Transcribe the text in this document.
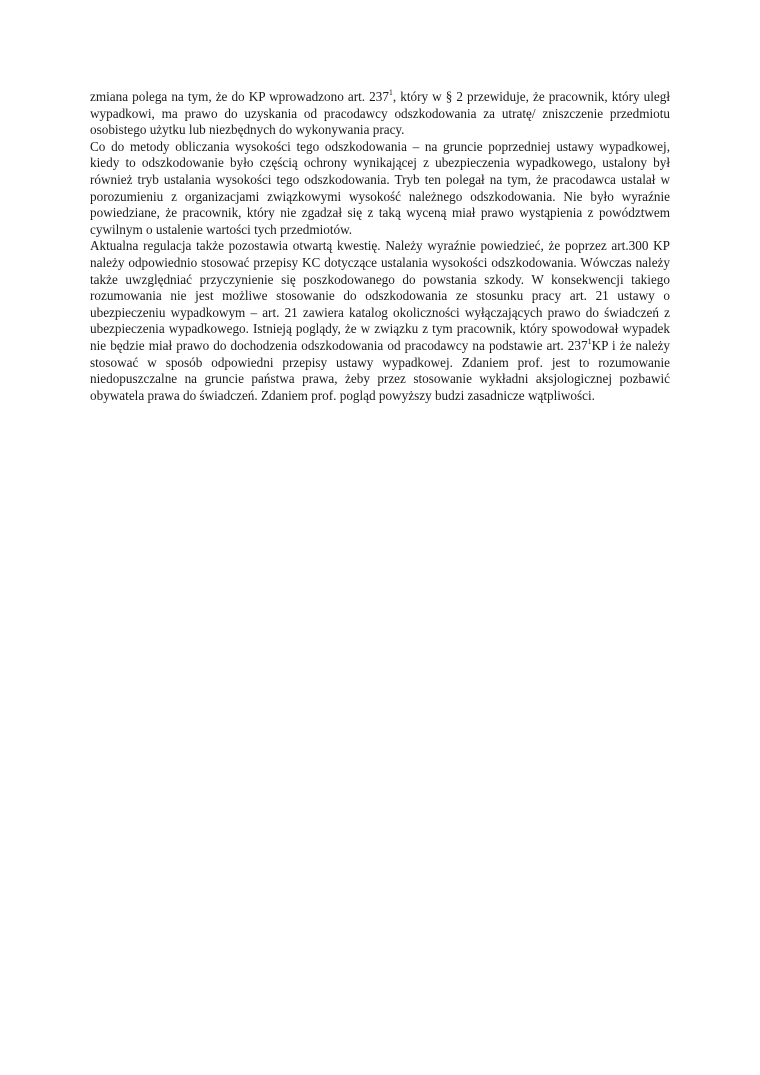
zmiana polega na tym, że do KP wprowadzono art. $237^1$, który w § 2 przewiduje, że pracownik, który uległ wypadkowi, ma prawo do uzyskania od pracodawcy odszkodowania za utratę/ zniszczenie przedmiotu osobistego użytku lub niezbędnych do wykonywania pracy.

Co do metody obliczania wysokości tego odszkodowania – na gruncie poprzedniej ustawy wypadkowej, kiedy to odszkodowanie było częścią ochrony wynikającej z ubezpieczenia wypadkowego, ustalony był również tryb ustalania wysokości tego odszkodowania. Tryb ten polegał na tym, że pracodawca ustalał w porozumieniu z organizacjami związkowymi wysokość należnego odszkodowania. Nie było wyraźnie powiedziane, że pracownik, który nie zgadzał się z taką wyceną miał prawo wystąpienia z powództwem cywilnym o ustalenie wartości tych przedmiotów.

Aktualna regulacja także pozostawia otwartą kwestię. Należy wyraźnie powiedzieć, że poprzez art.300 KP należy odpowiednio stosować przepisy KC dotyczące ustalania wysokości odszkodowania. Wówczas należy także uwzględniać przyczynienie się poszkodowanego do powstania szkody. W konsekwencji takiego rozumowania nie jest możliwe stosowanie do odszkodowania ze stosunku pracy art. 21 ustawy o ubezpieczeniu wypadkowym – art. 21 zawiera katalog okoliczności wyłączających prawo do świadczeń z ubezpieczenia wypadkowego. Istnieją poglądy, że w związku z tym pracownik, który spowodował wypadek nie będzie miał prawo do dochodzenia odszkodowania od pracodawcy na podstawie art. $237^1KP$ i że należy stosować w sposób odpowiedni przepisy ustawy wypadkowej. Zdaniem prof. jest to rozumowanie niedopuszczalne na gruncie państwa prawa, żeby przez stosowanie wykładni aksjologicznej pozbawić obywatela prawa do świadczeń. Zdaniem prof. pogląd powyższy budzi zasadnicze wątpliwości.
